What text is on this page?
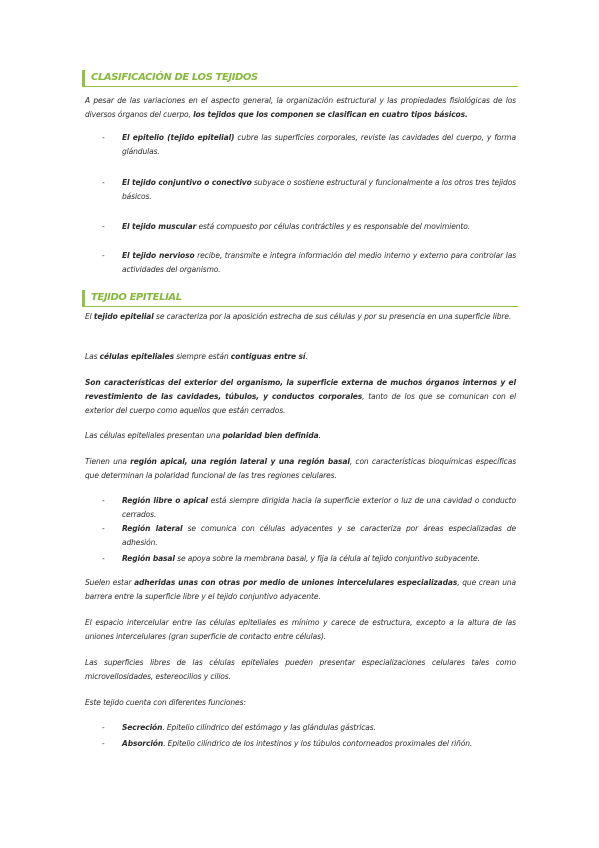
CLASIFICACIÓN DE LOS TEJIDOS
A pesar de las variaciones en el aspecto general, la organización estructural y las propiedades fisiológicas de los diversos órganos del cuerpo, los tejidos que los componen se clasifican en cuatro tipos básicos.
- El epitelio (tejido epitelial) cubre las superficies corporales, reviste las cavidades del cuerpo, y forma glándulas.
- El tejido conjuntivo o conectivo subyace o sostiene estructural y funcionalmente a los otros tres tejidos básicos.
- El tejido muscular está compuesto por células contráctiles y es responsable del movimiento.
- El tejido nervioso recibe, transmite e integra información del medio interno y externo para controlar las actividades del organismo.
TEJIDO EPITELIAL
El tejido epitelial se caracteriza por la aposición estrecha de sus células y por su presencia en una superficie libre.
Las células epiteliales siempre están contiguas entre sí.
Son características del exterior del organismo, la superficie externa de muchos órganos internos y el revestimiento de las cavidades, túbulos, y conductos corporales, tanto de los que se comunican con el exterior del cuerpo como aquellos que están cerrados.
Las células epiteliales presentan una polaridad bien definida.
Tienen una región apical, una región lateral y una región basal, con características bioquímicas específicas que determinan la polaridad funcional de las tres regiones celulares.
- Región libre o apical está siempre dirigida hacia la superficie exterior o luz de una cavidad o conducto cerrados.
- Región lateral se comunica con células adyacentes y se caracteriza por áreas especializadas de adhesión.
- Región basal se apoya sobre la membrana basal, y fija la célula al tejido conjuntivo subyacente.
Suelen estar adheridas unas con otras por medio de uniones intercelulares especializadas, que crean una barrera entre la superficie libre y el tejido conjuntivo adyacente.
El espacio intercelular entre las células epiteliales es mínimo y carece de estructura, excepto a la altura de las uniones intercelulares (gran superficie de contacto entre células).
Las superficies libres de las células epiteliales pueden presentar especializaciones celulares tales como microvellosidades, estereocilios y cilios.
Este tejido cuenta con diferentes funciones:
- Secreción. Epitelio cilíndrico del estómago y las glándulas gástricas.
- Absorción. Epitelio cilíndrico de los intestinos y los túbulos contorneados proximales del riñón.
